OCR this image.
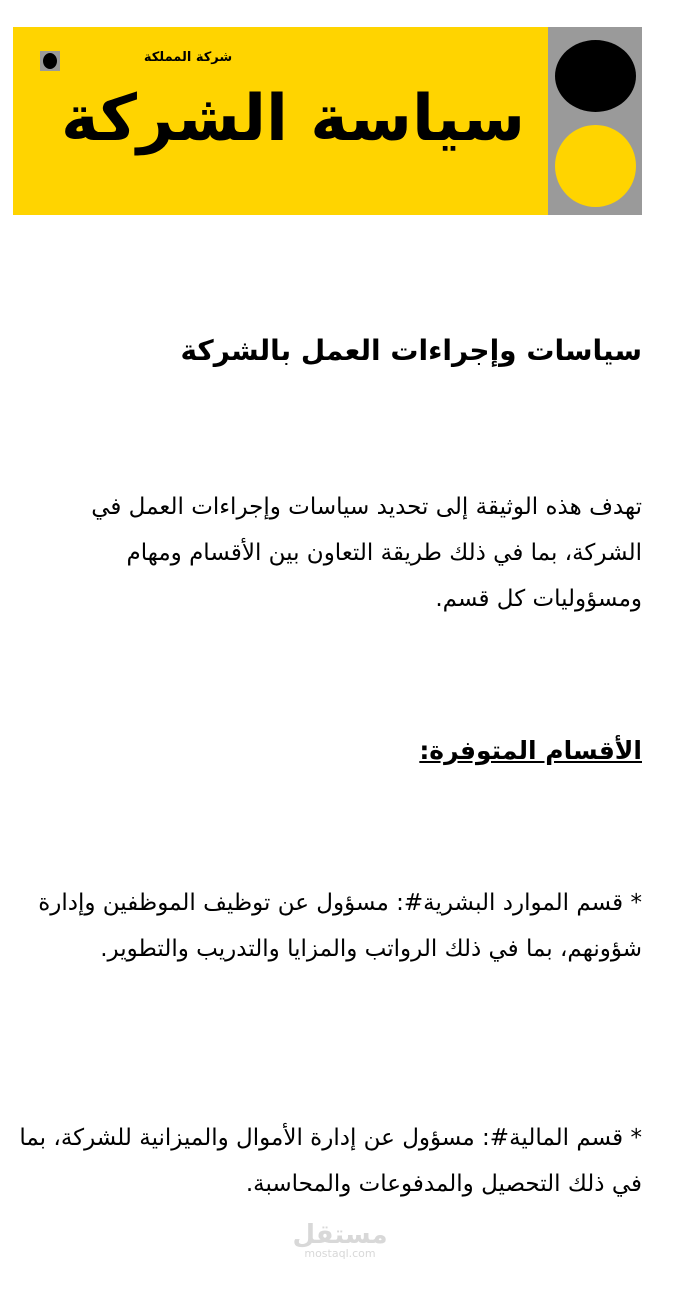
شركة المملكة
سياسة الشركة
سياسات وإجراءات العمل بالشركة
تهدف هذه الوثيقة إلى تحديد سياسات وإجراءات العمل في الشركة، بما في ذلك طريقة التعاون بين الأقسام ومهام ومسؤوليات كل قسم.
الأقسام المتوفرة:
* قسم الموارد البشرية#: مسؤول عن توظيف الموظفين وإدارة شؤونهم، بما في ذلك الرواتب والمزايا والتدريب والتطوير.
* قسم المالية#: مسؤول عن إدارة الأموال والميزانية للشركة، بما في ذلك التحصيل والمدفوعات والمحاسبة.
مستقل
mostaql.com
